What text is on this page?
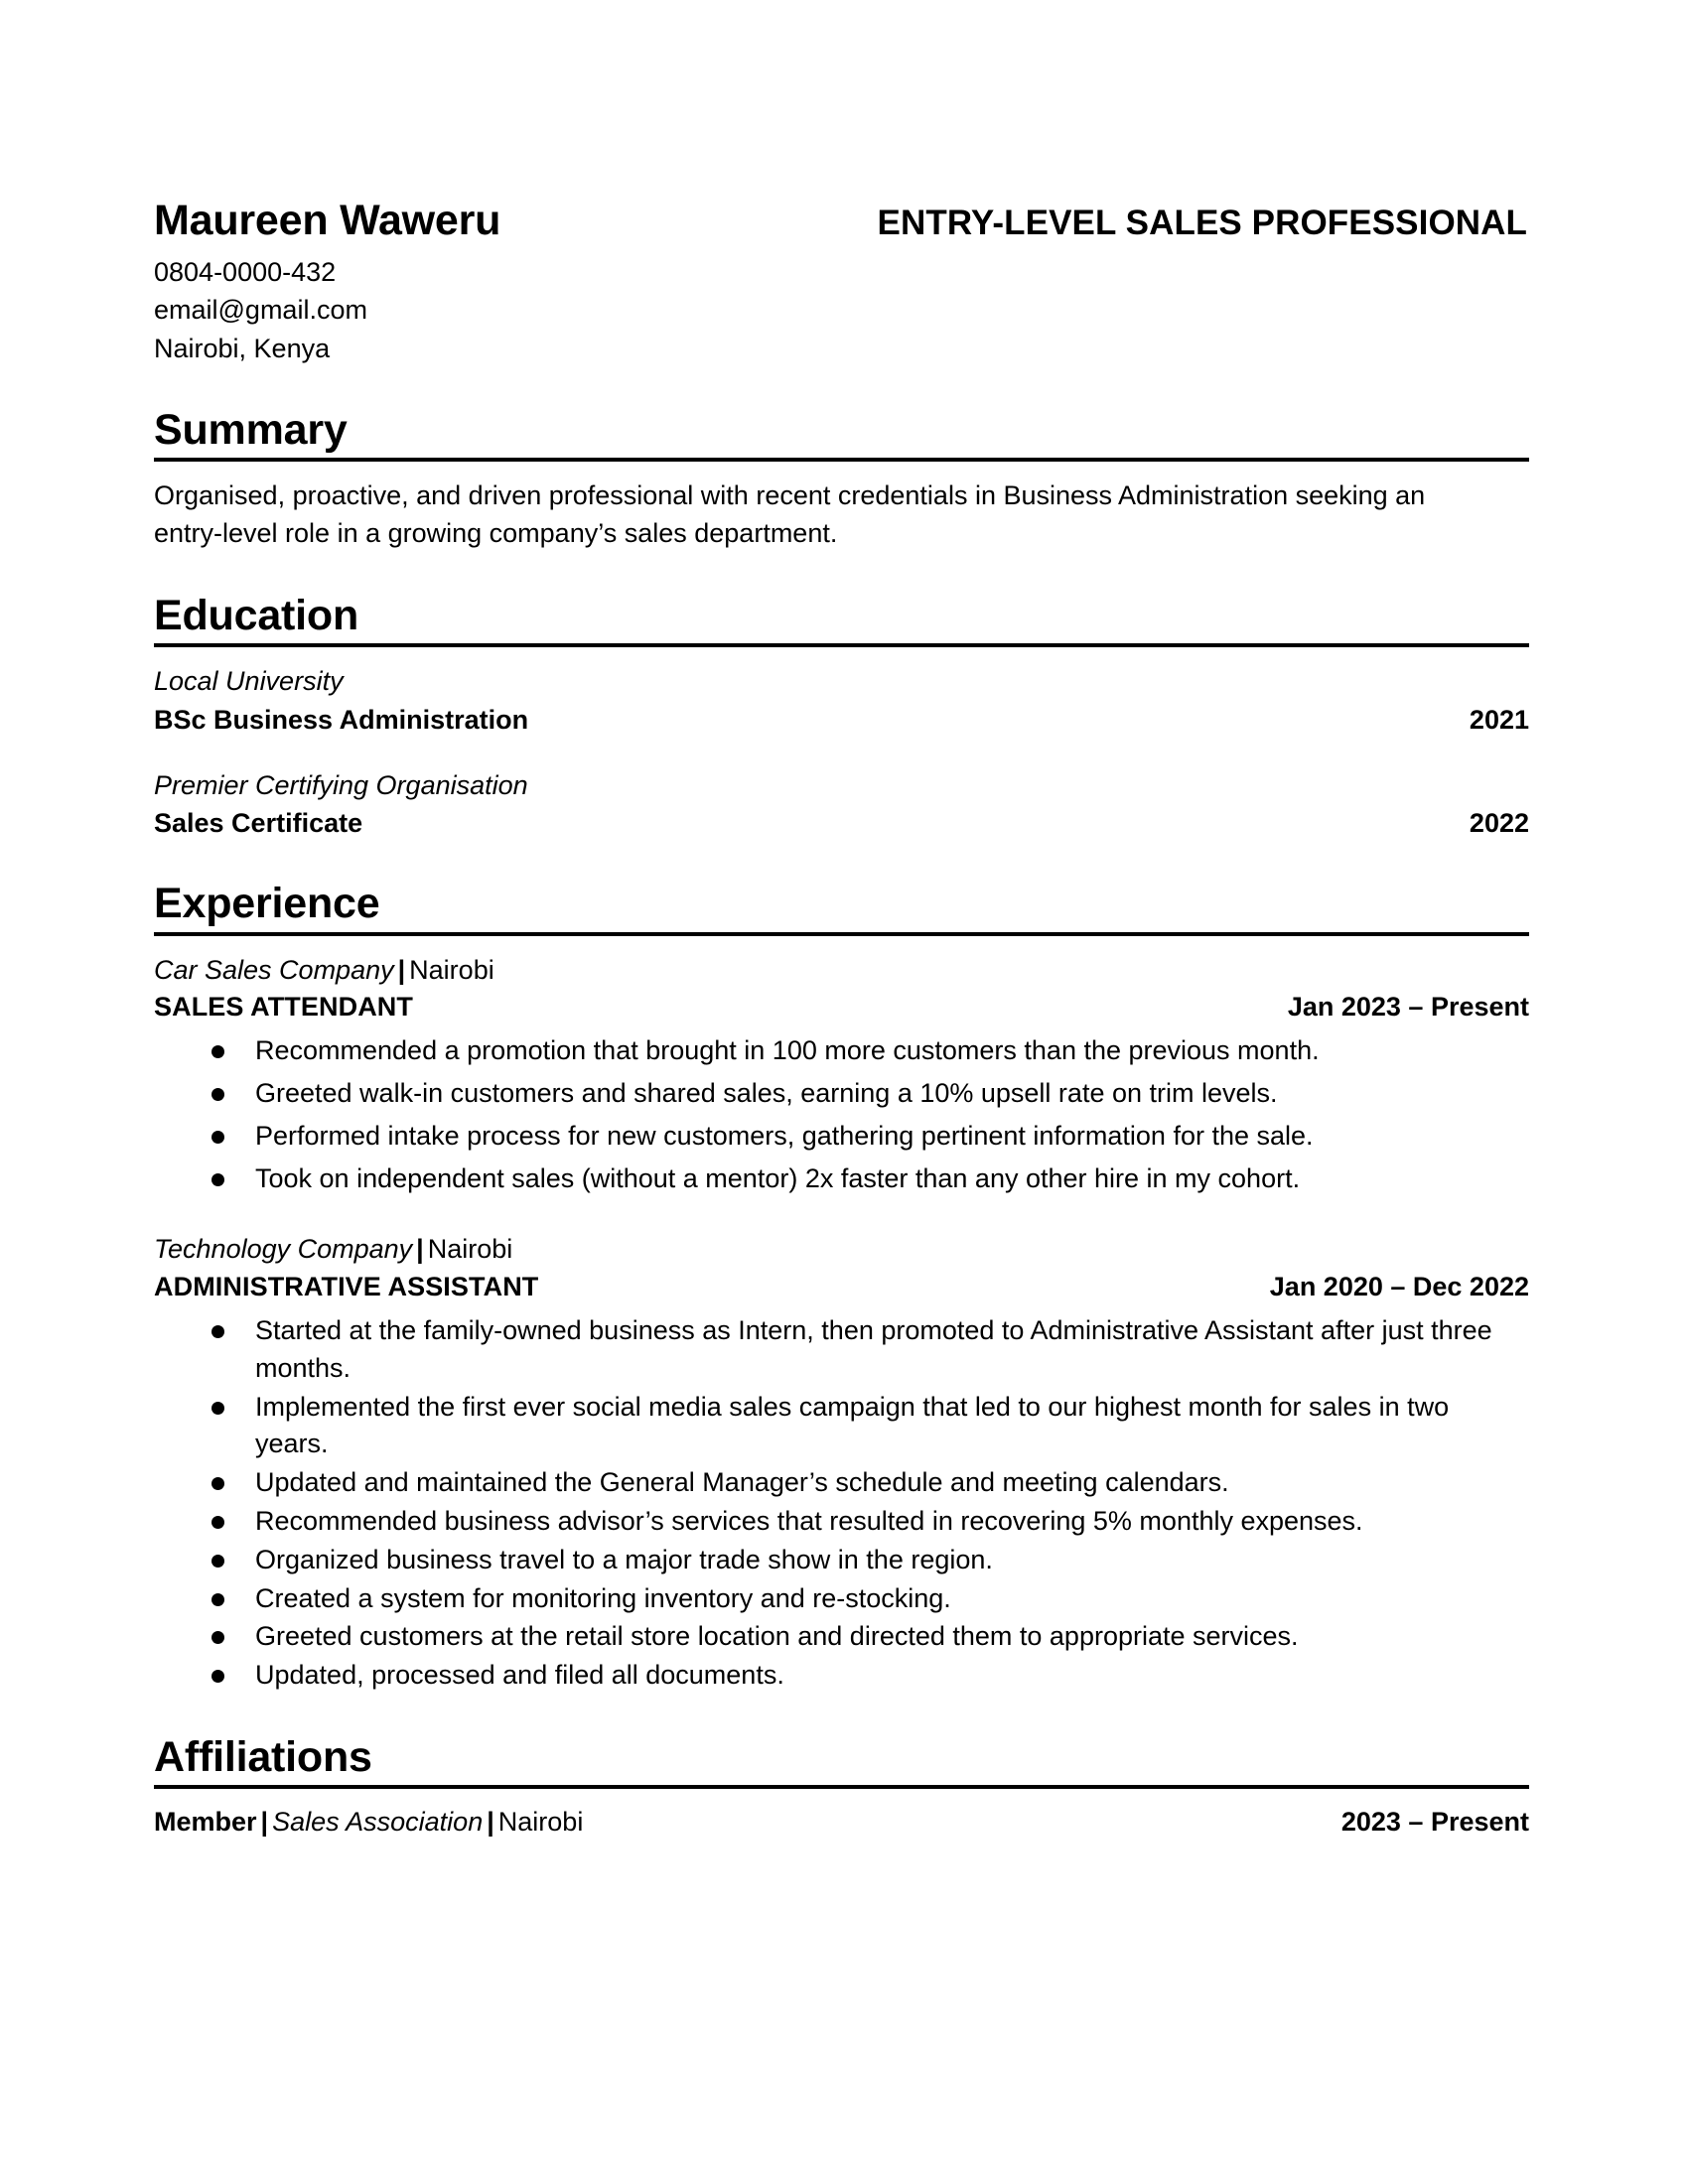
Maureen Waweru
0804-0000-432
email@gmail.com
Nairobi, Kenya
ENTRY-LEVEL SALES PROFESSIONAL
Summary

Organised, proactive, and driven professional with recent credentials in Business Administration seeking an entry-level role in a growing company’s sales department.

Education
Local University
BSc Business Administration	2021
Premier Certifying Organisation
Sales Certificate	2022
Experience
Car Sales Company | Nairobi
SALES ATTENDANT	Jan 2023 – Present
Recommended a promotion that brought in 100 more customers than the previous month.
Greeted walk-in customers and shared sales, earning a 10% upsell rate on trim levels.
Performed intake process for new customers, gathering pertinent information for the sale.
Took on independent sales (without a mentor) 2x faster than any other hire in my cohort.
Technology Company | Nairobi
ADMINISTRATIVE ASSISTANT	Jan 2020 – Dec 2022
Started at the family-owned business as Intern, then promoted to Administrative Assistant after just three months.
Implemented the first ever social media sales campaign that led to our highest month for sales in two years.
Updated and maintained the General Manager’s schedule and meeting calendars.
Recommended business advisor’s services that resulted in recovering 5% monthly expenses.
Organized business travel to a major trade show in the region.
Created a system for monitoring inventory and re-stocking.
Greeted customers at the retail store location and directed them to appropriate services.
Updated, processed and filed all documents.
Affiliations
Member | Sales Association | Nairobi	2023 – Present
